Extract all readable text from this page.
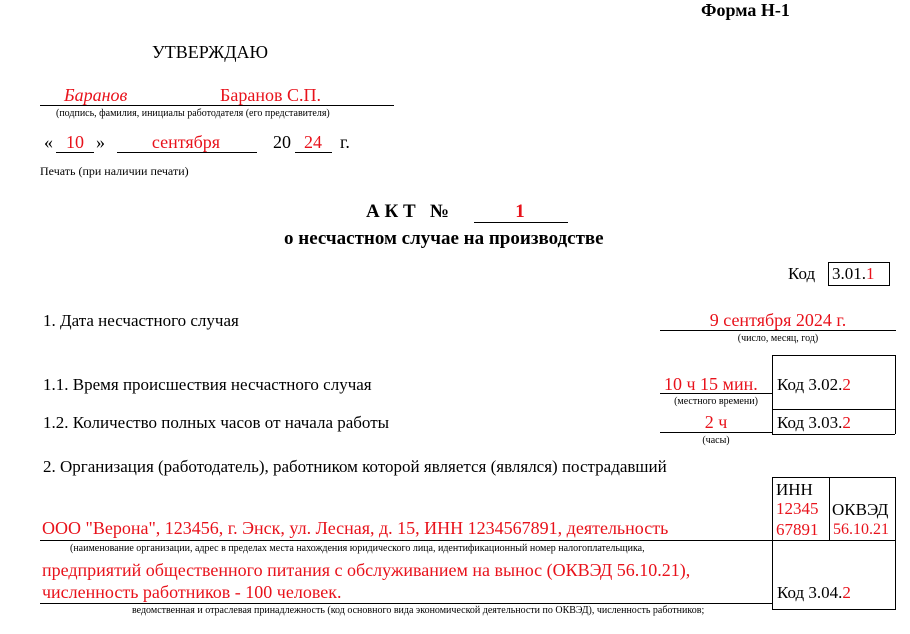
Форма Н-1
УТВЕРЖДАЮ
Баранов	Баранов С.П.
(подпись, фамилия, инициалы работодателя (его представителя)
« 10 »	сентября	20 24	г.
Печать (при наличии печати)
А К Т   №	1
о несчастном случае на производстве
Код 3.01.1
1. Дата несчастного случая	9 сентября 2024 г.
(число, месяц, год)
1.1. Время происшествия несчастного случая	10 ч 15 мин.
(местного времени)
Код 3.02.2
1.2. Количество полных часов от начала работы	2 ч
(часы)
Код 3.03.2
2. Организация (работодатель), работником которой является (являлся) пострадавший
ИНН
12345
67891
ОКВЭД
56.10.21
ООО "Верона", 123456, г. Энск, ул. Лесная, д. 15, ИНН 1234567891, деятельность
(наименование организации, адрес в пределах места нахождения юридического лица, идентификационный номер налогоплательщика,
предприятий общественного питания с обслуживанием на вынос (ОКВЭД 56.10.21),
численность работников - 100 человек.	Код 3.04.2
ведомственная и отраслевая принадлежность (код основного вида экономической деятельности по ОКВЭД), численность работников;
